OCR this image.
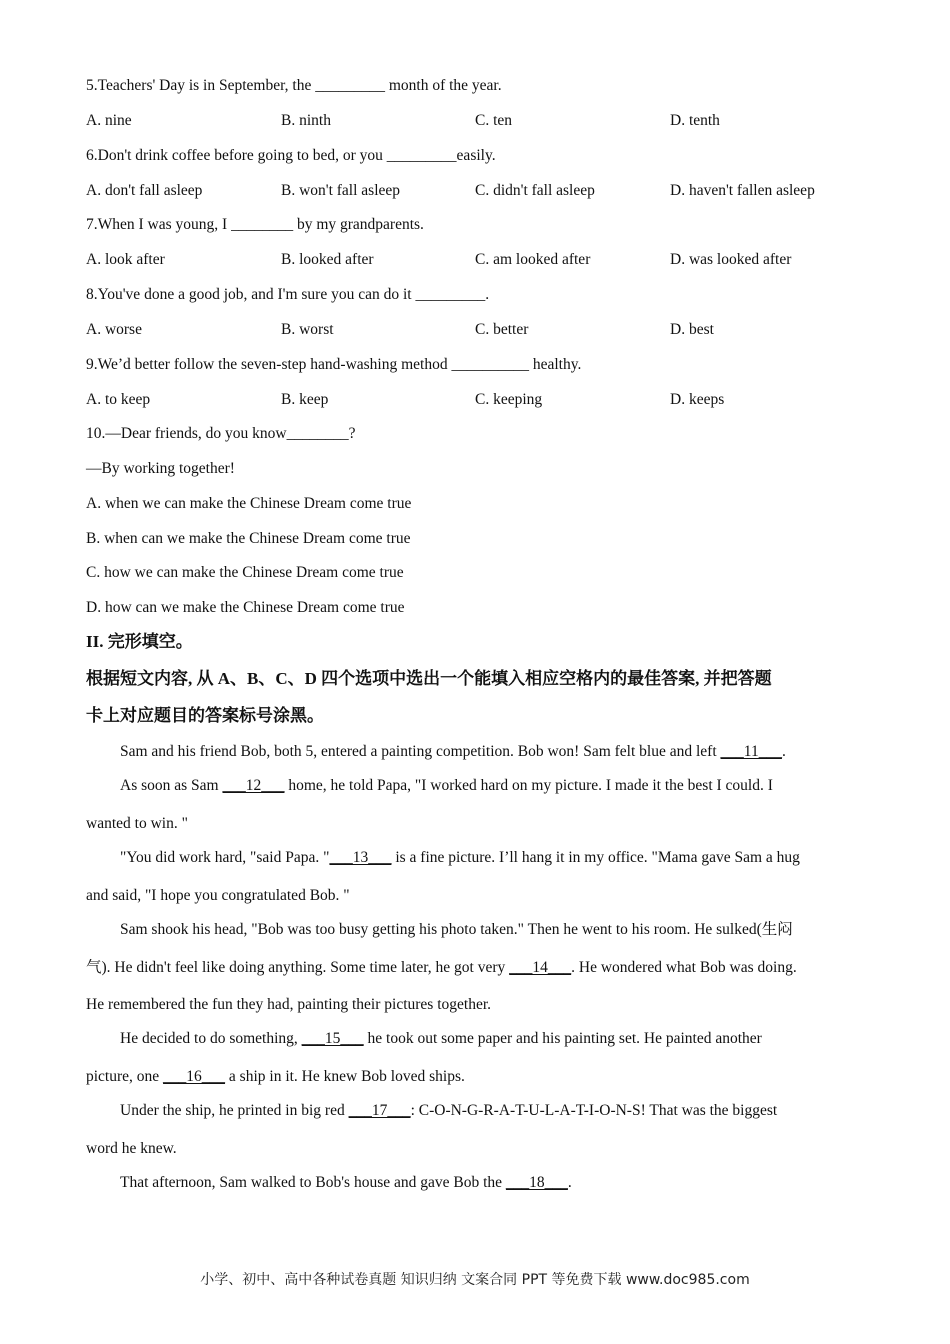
5.Teachers' Day is in September, the _________ month of the year.
A. nine	B. ninth	C. ten	D. tenth
6.Don't drink coffee before going to bed, or you _________easily.
A. don't fall asleep	B. won't fall asleep	C. didn't fall asleep	D. haven't fallen asleep
7.When I was young, I ________ by my grandparents.
A. look after	B. looked after	C. am looked after	D. was looked after
8.You've done a good job, and I'm sure you can do it _________.
A. worse	B. worst	C. better	D. best
9.We’d better follow the seven-step hand-washing method __________ healthy.
A. to keep	B. keep	C. keeping	D. keeps
10.—Dear friends, do you know________?
—By working together!
A. when we can make the Chinese Dream come true
B. when can we make the Chinese Dream come true
C. how we can make the Chinese Dream come true
D. how can we make the Chinese Dream come true
II. 完形填空。
根据短文内容, 从 A、B、C、D 四个选项中选出一个能填入相应空格内的最佳答案, 并把答题
卡上对应题目的答案标号涂黑。
Sam and his friend Bob, both 5, entered a painting competition. Bob won! Sam felt blue and left ___11___.
As soon as Sam ___12___ home, he told Papa, "I worked hard on my picture. I made it the best I could. I
wanted to win. "
"You did work hard, "said Papa. "___13___ is a fine picture. I’ll hang it in my office. "Mama gave Sam a hug
and said, "I hope you congratulated Bob. "
Sam shook his head, "Bob was too busy getting his photo taken." Then he went to his room. He sulked(生闷
气). He didn't feel like doing anything. Some time later, he got very ___14___. He wondered what Bob was doing.
He remembered the fun they had, painting their pictures together.
He decided to do something, ___15___ he took out some paper and his painting set. He painted another
picture, one ___16___ a ship in it. He knew Bob loved ships.
Under the ship, he printed in big red ___17___: C-O-N-G-R-A-T-U-L-A-T-I-O-N-S! That was the biggest
word he knew.
That afternoon, Sam walked to Bob's house and gave Bob the ___18___.
小学、初中、高中各种试卷真题 知识归纳 文案合同 PPT 等免费下载 www.doc985.com
